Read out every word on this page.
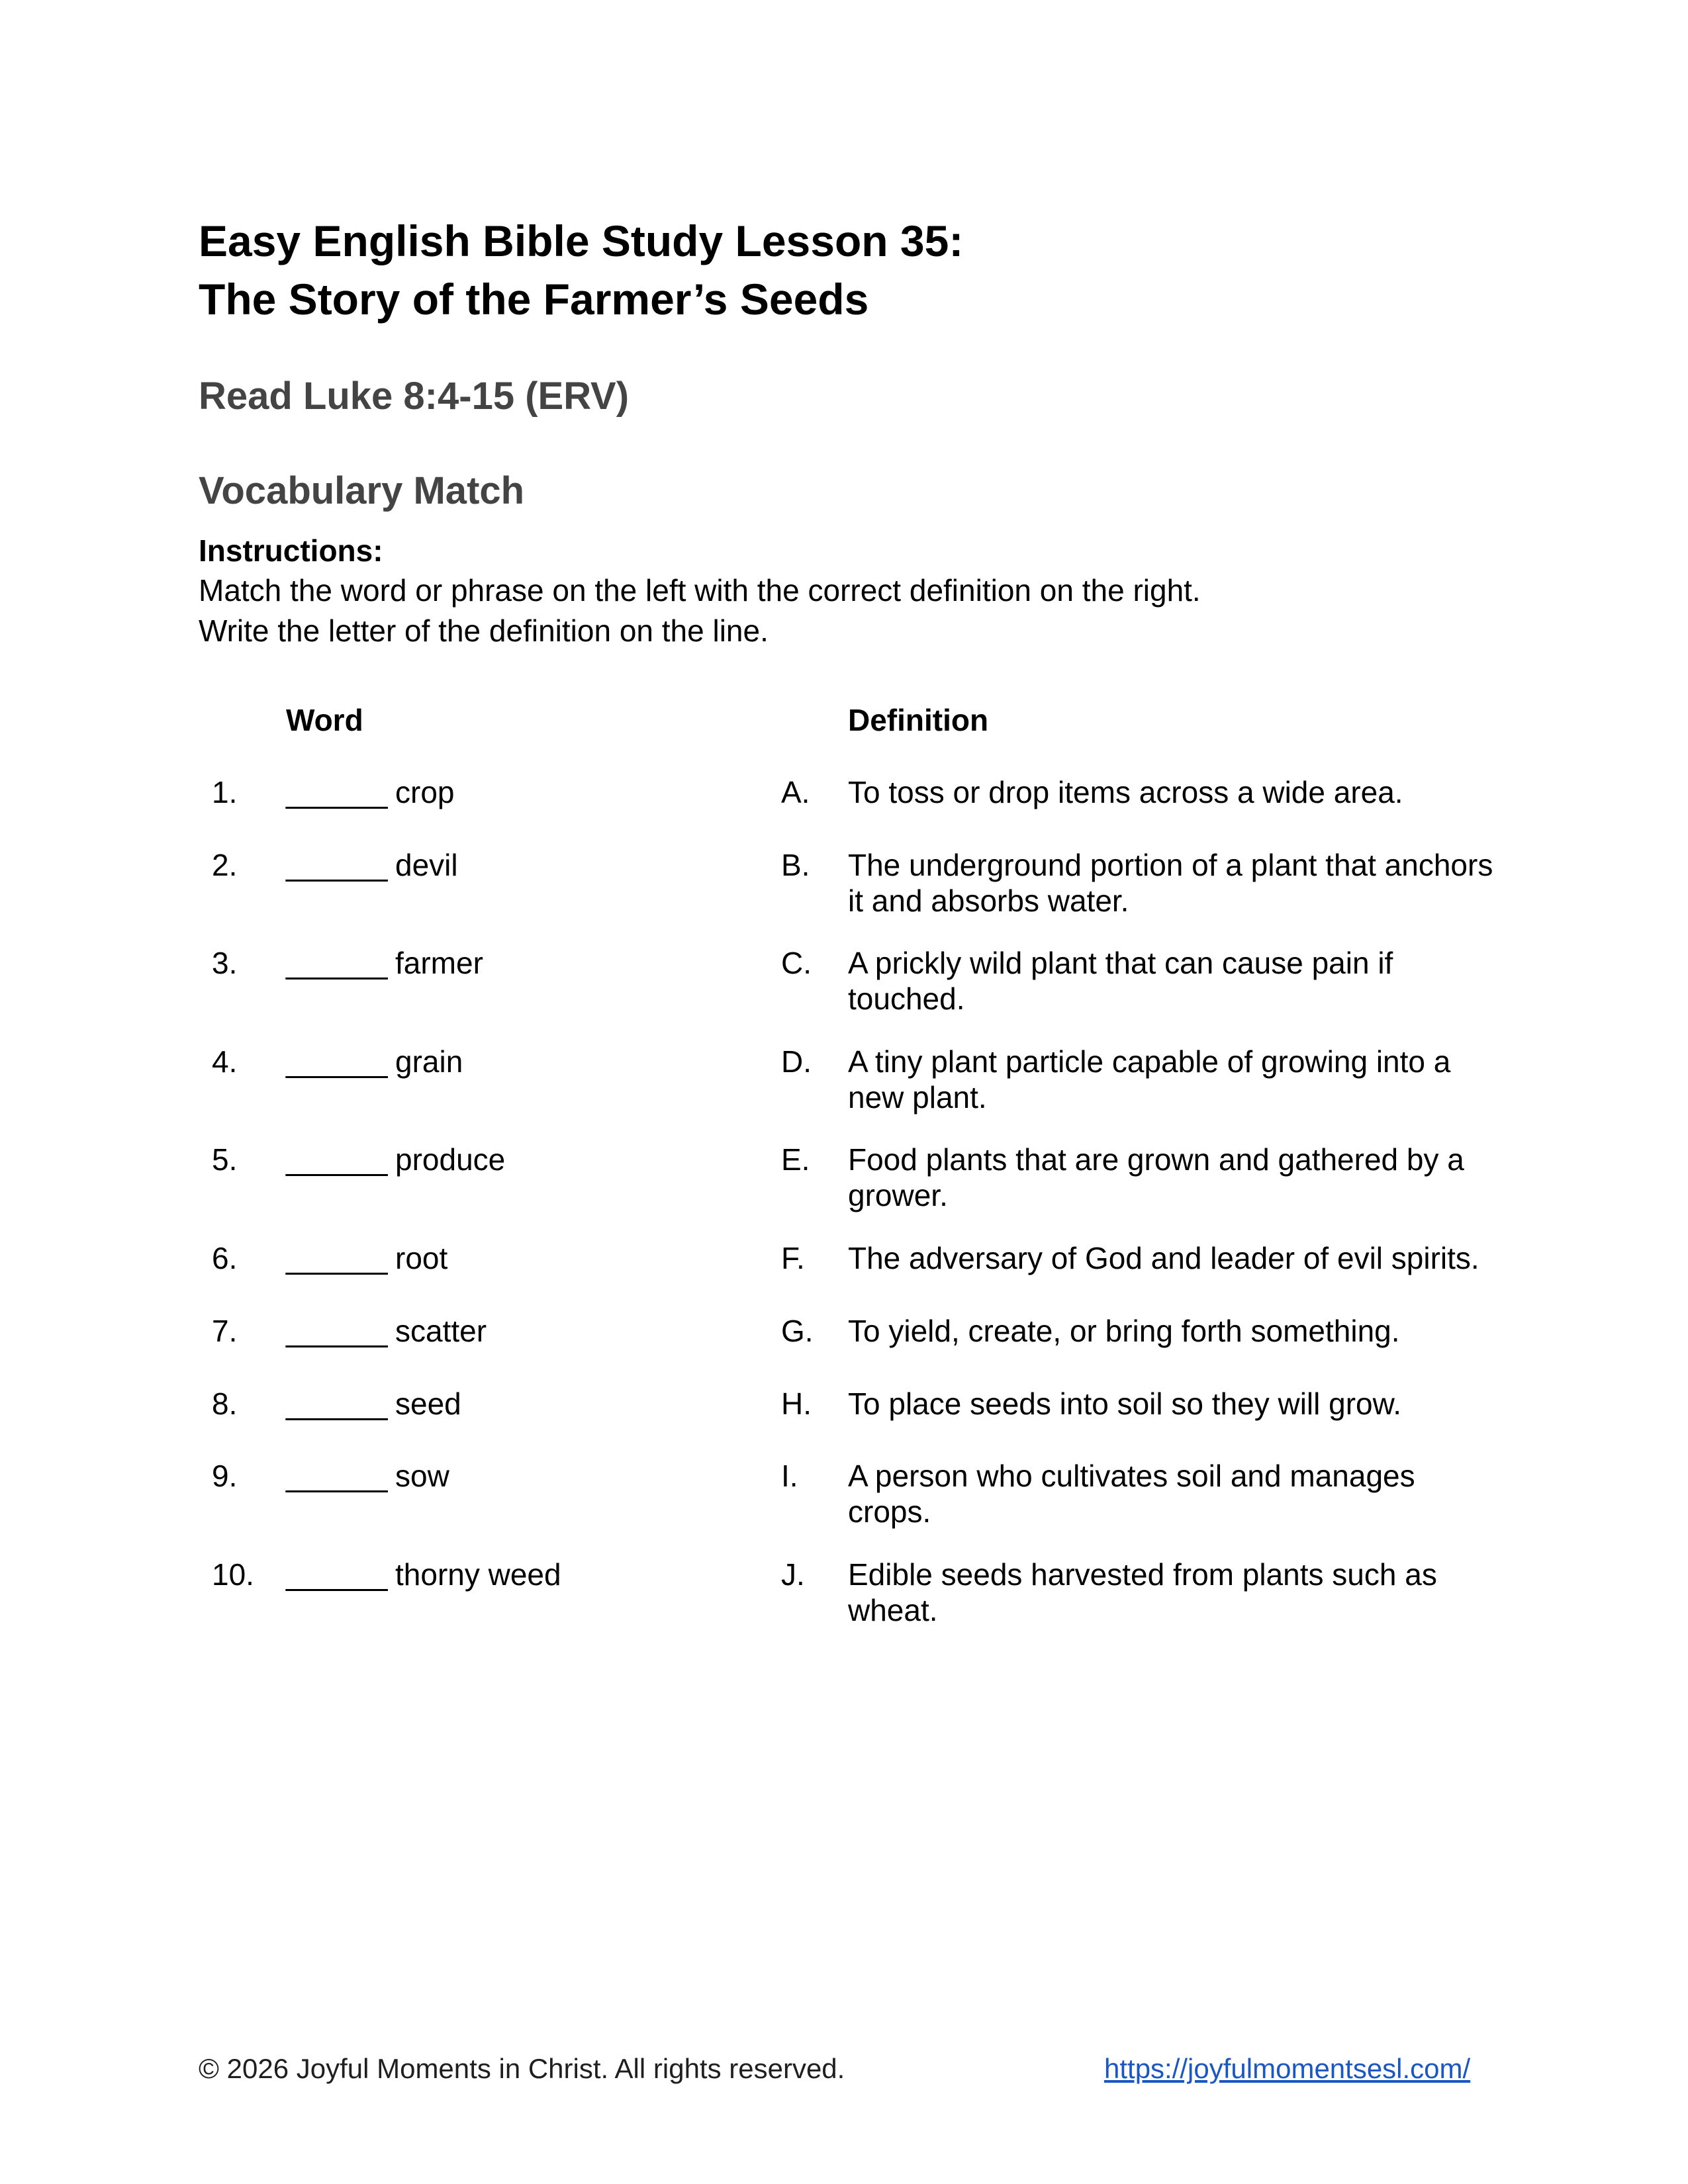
Easy English Bible Study Lesson 35:
The Story of the Farmer’s Seeds
Read Luke 8:4-15 (ERV)
Vocabulary Match
Instructions:
Match the word or phrase on the left with the correct definition on the right.
Write the letter of the definition on the line.
Word	Definition
1. ______ crop	A. To toss or drop items across a wide area.
2. ______ devil	B. The underground portion of a plant that anchors it and absorbs water.
3. ______ farmer	C. A prickly wild plant that can cause pain if touched.
4. ______ grain	D. A tiny plant particle capable of growing into a new plant.
5. ______ produce	E. Food plants that are grown and gathered by a grower.
6. ______ root	F. The adversary of God and leader of evil spirits.
7. ______ scatter	G. To yield, create, or bring forth something.
8. ______ seed	H. To place seeds into soil so they will grow.
9. ______ sow	I. A person who cultivates soil and manages crops.
10. ______ thorny weed	J. Edible seeds harvested from plants such as wheat.
© 2026 Joyful Moments in Christ. All rights reserved.	https://joyfulmomentsesl.com/
